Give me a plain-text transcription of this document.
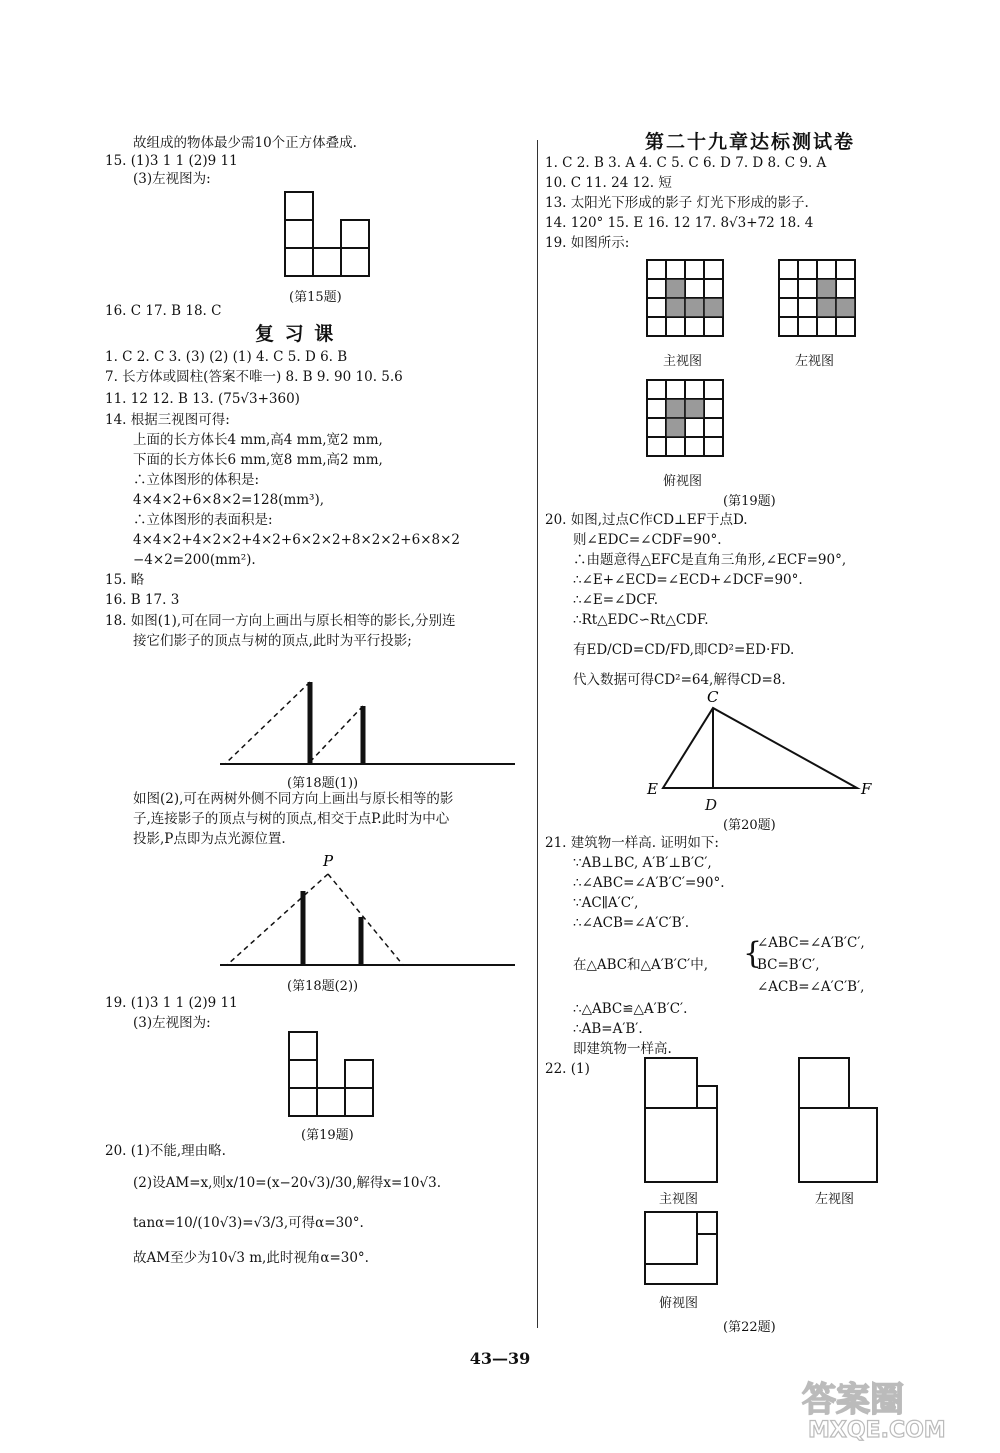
故组成的物体最少需10个正方体叠成.
15. (1)3 1 1 (2)9 11
(3)左视图为:
(第15题)
16. C 17. B 18. C
复 习 课
1. C 2. C 3. (3) (2) (1) 4. C 5. D 6. B
7. 长方体或圆柱(答案不唯一) 8. B 9. 90 10. 5.6
11. 12 12. B 13. (75√3+360)
14. 根据三视图可得:
上面的长方体长4 mm,高4 mm,宽2 mm,
下面的长方体长6 mm,宽8 mm,高2 mm,
∴立体图形的体积是:
4×4×2+6×8×2=128(mm³),
∴立体图形的表面积是:
4×4×2+4×2×2+4×2+6×2×2+8×2×2+6×8×2
−4×2=200(mm²).
15. 略
16. B 17. 3
18. 如图(1),可在同一方向上画出与原长相等的影长,分别连
接它们影子的顶点与树的顶点,此时为平行投影;
(第18题(1))
如图(2),可在两树外侧不同方向上画出与原长相等的影
子,连接影子的顶点与树的顶点,相交于点P.此时为中心
投影,P点即为点光源位置.
P
(第18题(2))
19. (1)3 1 1 (2)9 11
(3)左视图为:
(第19题)
20. (1)不能,理由略.
(2)设AM=x,则x/10=(x−20√3)/30,解得x=10√3.
tanα=10/(10√3)=√3/3,可得α=30°.
故AM至少为10√3 m,此时视角α=30°.
第二十九章达标测试卷
1. C 2. B 3. A 4. C 5. C 6. D 7. D 8. C 9. A
10. C 11. 24 12. 短
13. 太阳光下形成的影子 灯光下形成的影子.
14. 120° 15. E 16. 12 17. 8√3+72 18. 4
19. 如图所示:
主视图	左视图
俯视图
(第19题)
20. 如图,过点C作CD⊥EF于点D.
则∠EDC=∠CDF=90°.
∴由题意得△EFC是直角三角形,∠ECF=90°,
∴∠E+∠ECD=∠ECD+∠DCF=90°.
∴∠E=∠DCF.
∴Rt△EDC∽Rt△CDF.
有ED/CD=CD/FD,即CD²=ED·FD.
代入数据可得CD²=64,解得CD=8.
C
E	F
D
(第20题)
21. 建筑物一样高. 证明如下:
∵AB⊥BC, A′B′⊥B′C′,
∴∠ABC=∠A′B′C′=90°.
∵AC∥A′C′,
∴∠ACB=∠A′C′B′.
在△ABC和△A′B′C′中, {
∠ABC=∠A′B′C′,
BC=B′C′,
∠ACB=∠A′C′B′,
∴△ABC≌△A′B′C′.
∴AB=A′B′.
即建筑物一样高.
22. (1)
主视图	左视图
俯视图
(第22题)
43—39
答案圈
MXQE.COM
